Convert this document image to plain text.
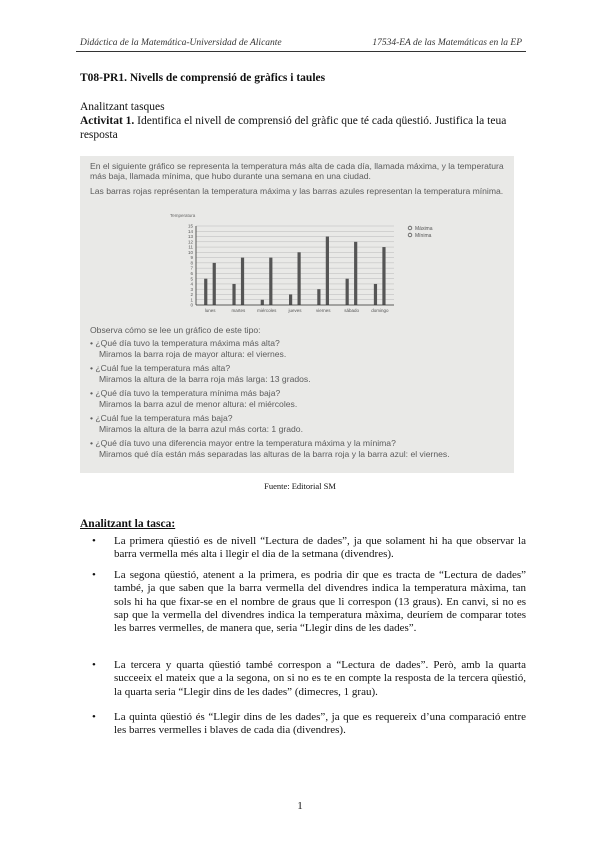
Didáctica de la Matemática-Universidad de Alicante	17534-EA de las Matemáticas en la EP
T08-PR1. Nivells de comprensió de gràfics i taules
Analitzant tasques
Activitat 1. Identifica el nivell de comprensió del gràfic que té cada qüestió. Justifica la teua resposta
En el siguiente gráfico se representa la temperatura más alta de cada día, llamada máxima, y la temperatura más baja, llamada mínima, que hubo durante una semana en una ciudad.
Las barras rojas représentan la temperatura máxima y las barras azules representan la temperatura mínima.
Temperatura
0
1
2
3
4
5
6
7
8
9
10
11
12
13
14
15
lunes	martes	miércoles	jueves	viernes	sábado	domingo
Máxima
Mínima
Observa cómo se lee un gráfico de este tipo:
• ¿Qué día tuvo la temperatura máxima más alta?
Miramos la barra roja de mayor altura: el viernes.
• ¿Cuál fue la temperatura más alta?
Miramos la altura de la barra roja más larga: 13 grados.
• ¿Qué día tuvo la temperatura mínima más baja?
Miramos la barra azul de menor altura: el miércoles.
• ¿Cuál fue la temperatura más baja?
Miramos la altura de la barra azul más corta: 1 grado.
• ¿Qué día tuvo una diferencia mayor entre la temperatura máxima y la mínima?
Miramos qué día están más separadas las alturas de la barra roja y la barra azul: el viernes.
Fuente: Editorial SM
Analitzant la tasca:
• La primera qüestió es de nivell “Lectura de dades”, ja que solament hi ha que observar la barra vermella més alta i llegir el dia de la setmana (divendres).
• La segona qüestió, atenent a la primera, es podria dir que es tracta de “Lectura de dades” també, ja que saben que la barra vermella del divendres indica la temperatura màxima, tan sols hi ha que fixar-se en el nombre de graus que li correspon (13 graus). En canvi, si no es sap que la vermella del divendres indica la temperatura màxima, deuríem de comparar totes les barres vermelles, de manera que, seria “Llegir dins de les dades”.
• La tercera y quarta qüestió també correspon a “Lectura de dades”. Però, amb la quarta succeeix el mateix que a la segona, on si no es te en compte la resposta de la tercera qüestió, la quarta seria “Llegir dins de les dades” (dimecres, 1 grau).
• La quinta qüestió és “Llegir dins de les dades”, ja que es requereix d’una comparació entre les barres vermelles i blaves de cada dia (divendres).
1
